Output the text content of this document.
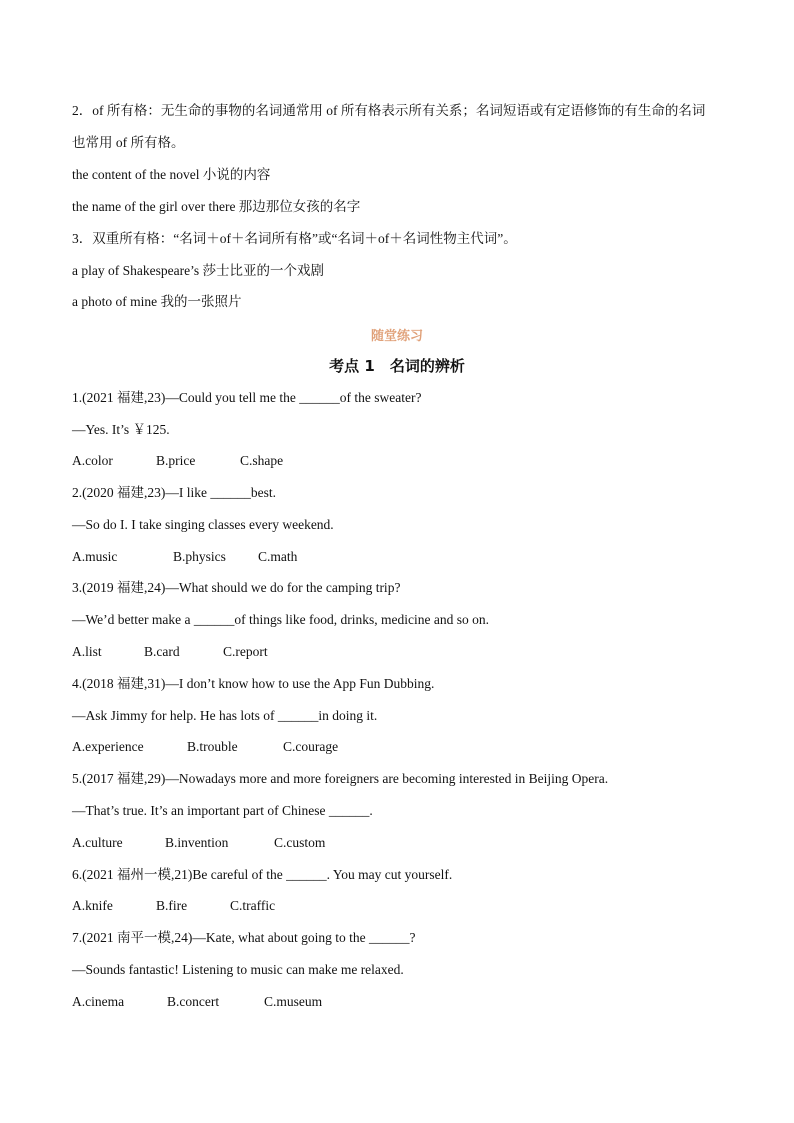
2．of 所有格：无生命的事物的名词通常用 of 所有格表示所有关系；名词短语或有定语修饰的有生命的名词
也常用 of 所有格。
the content of the novel 小说的内容
the name of the girl over there 那边那位女孩的名字
3．双重所有格：“名词＋of＋名词所有格”或“名词＋of＋名词性物主代词”。
a play of Shakespeare’s 莎士比亚的一个戏剧
a photo of mine 我的一张照片
随堂练习
考点 1　名词的辨析
1.(2021 福建,23)—Could you tell me the ______of the sweater?
—Yes. It’s ￥125.
A.color	B.price	C.shape
2.(2020 福建,23)—I like ______best.
—So do I. I take singing classes every weekend.
A.music	B.physics C.math
3.(2019 福建,24)—What should we do for the camping trip?
—We’d better make a ______of things like food, drinks, medicine and so on.
A.list	B.card	C.report
4.(2018 福建,31)—I don’t know how to use the App Fun Dubbing.
—Ask Jimmy for help. He has lots of ______in doing it.
A.experience	B.trouble	C.courage
5.(2017 福建,29)—Nowadays more and more foreigners are becoming interested in Beijing Opera.
—That’s true. It’s an important part of Chinese ______.
A.culture	B.invention	C.custom
6.(2021 福州一模,21)Be careful of the ______. You may cut yourself.
A.knife	B.fire	C.traffic
7.(2021 南平一模,24)—Kate, what about going to the ______?
—Sounds fantastic! Listening to music can make me relaxed.
A.cinema	B.concert	C.museum
